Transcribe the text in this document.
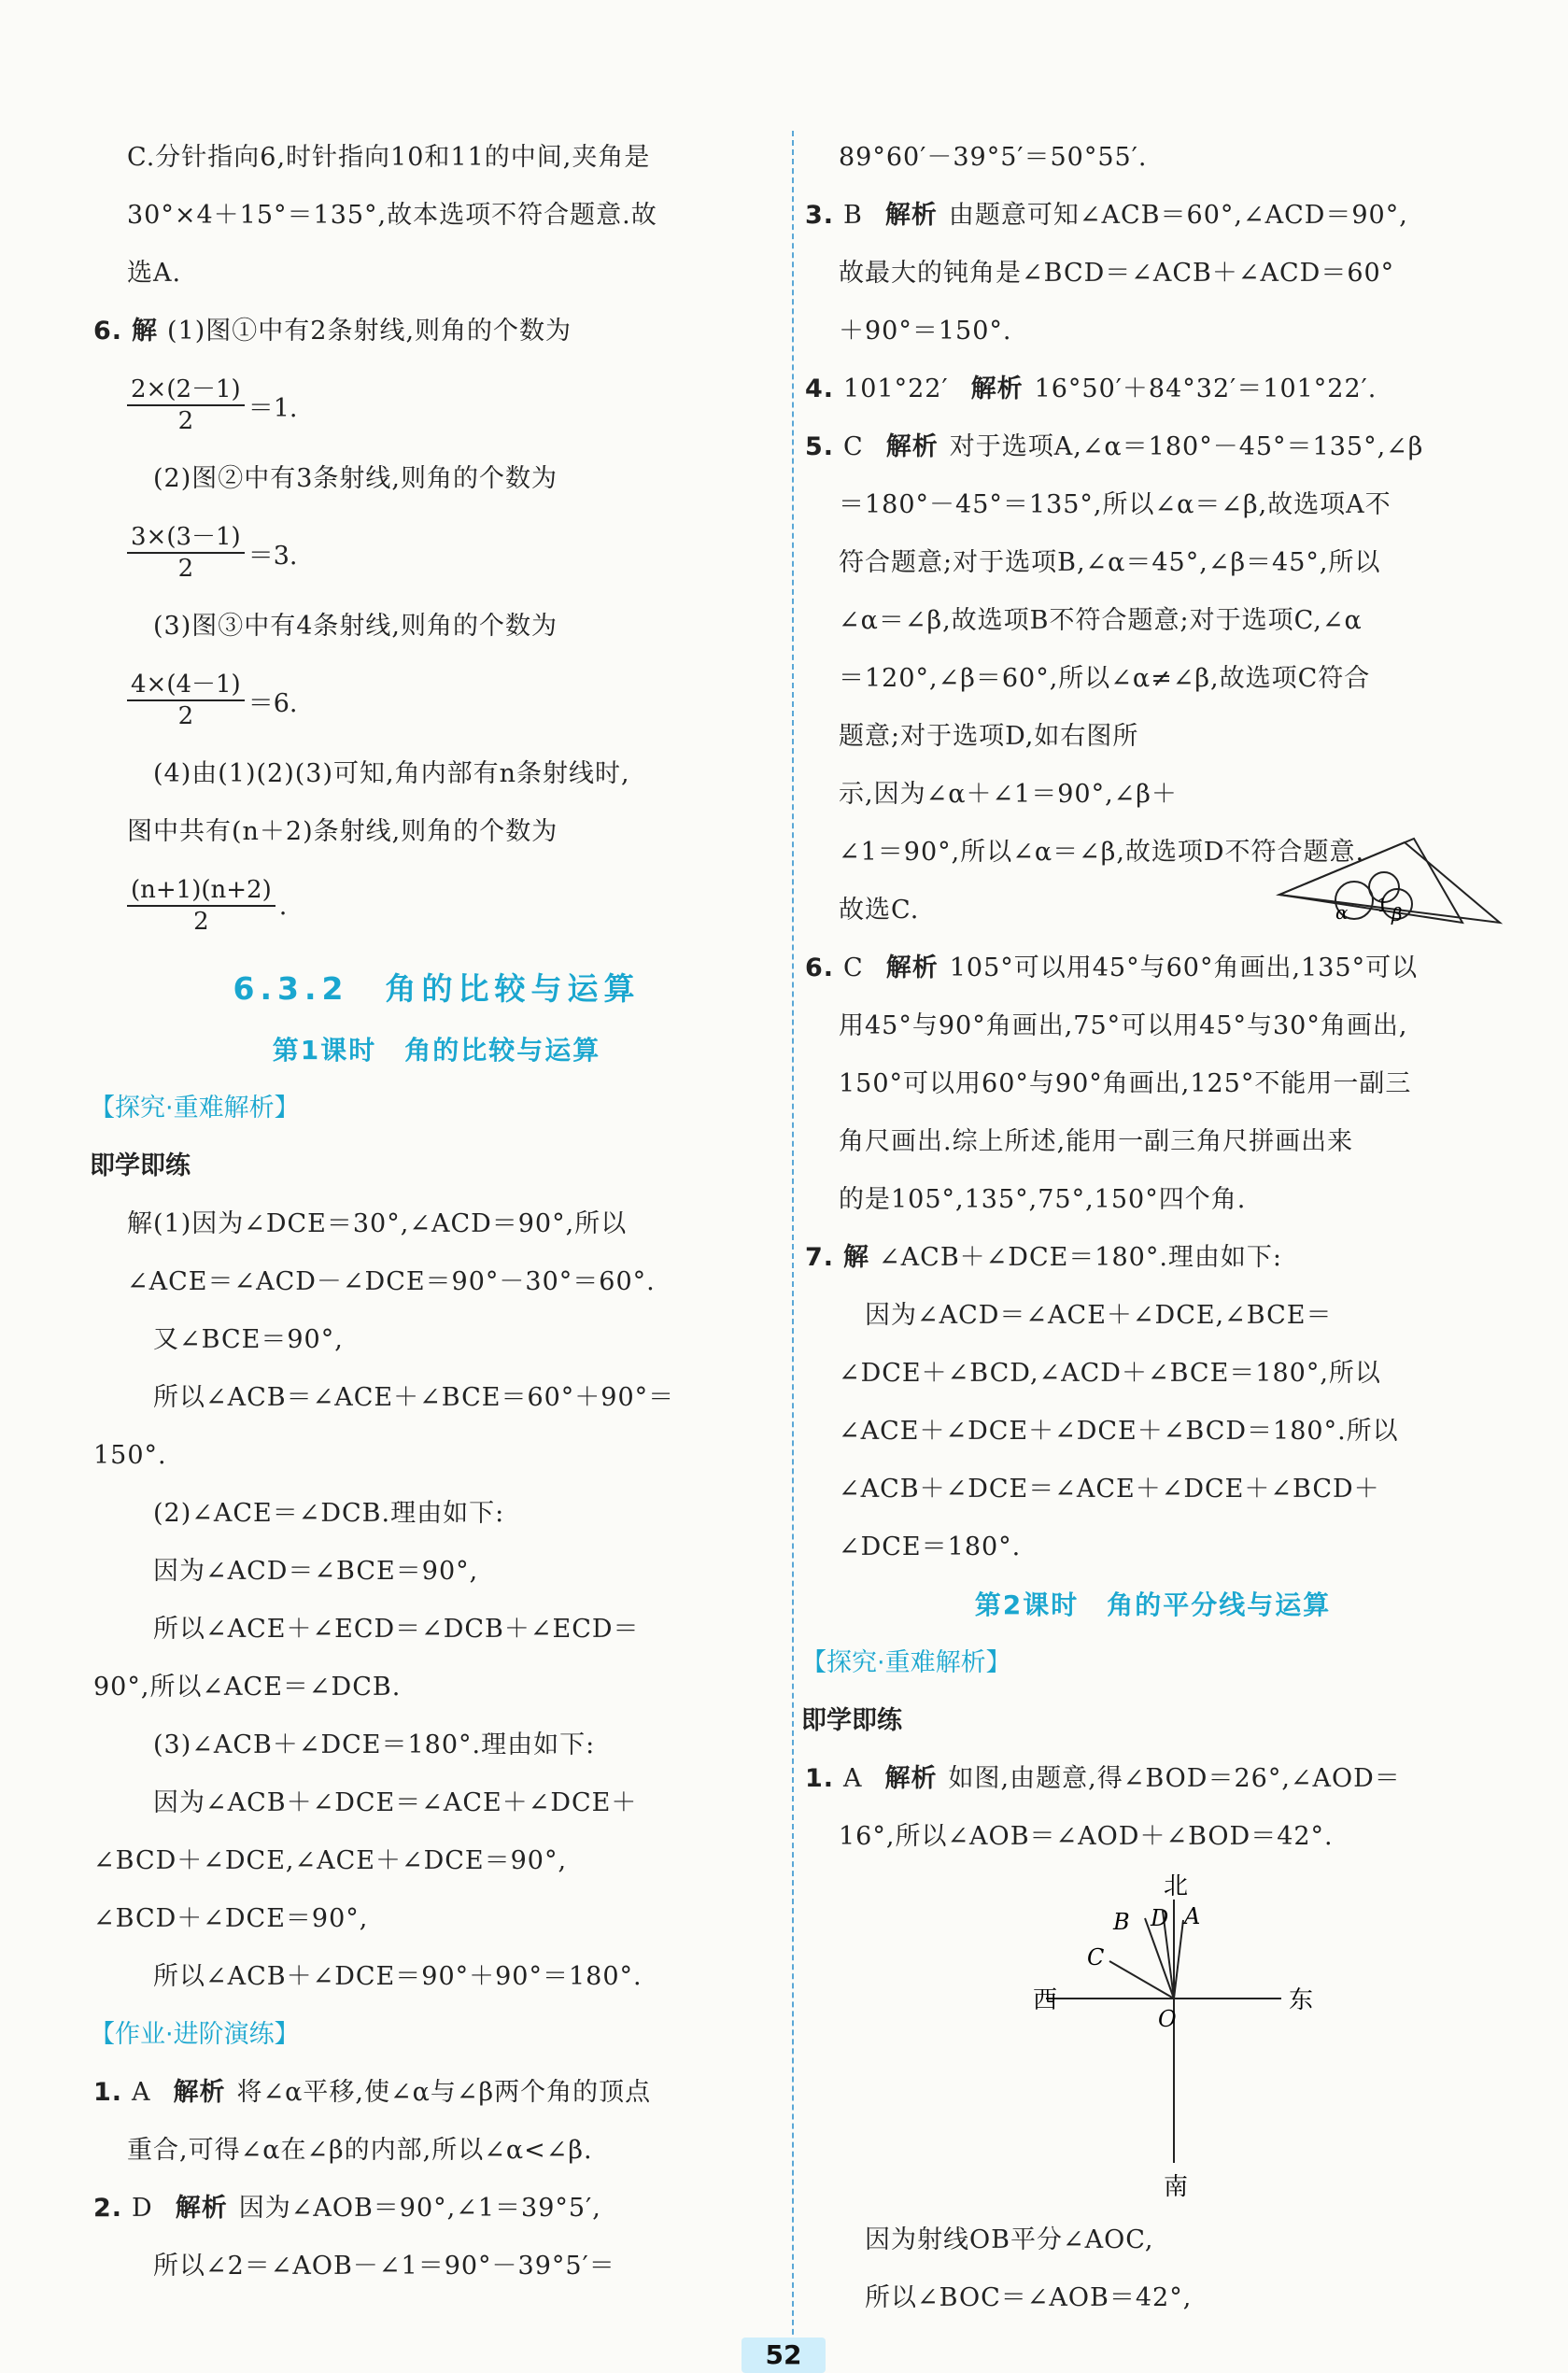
C.分针指向6,时针指向10和11的中间,夹角是
30°×4＋15°＝135°,故本选项不符合题意.故
选A.
6. 解 (1)图①中有2条射线,则角的个数为
$\frac{2\times(2-1)}{2} =1$.
(2)图②中有3条射线,则角的个数为
$\frac{3\times(3-1)}{2} =3$.
(3)图③中有4条射线,则角的个数为
$\frac{4\times(4-1)}{2} =6$.
(4)由(1)(2)(3)可知,角内部有n条射线时,
图中共有(n＋2)条射线,则角的个数为
$\frac{(n+1)(n+2)}{2}$ .
6.3.2　角的比较与运算
第1课时　角的比较与运算
【探究·重难解析】
即学即练
解(1)因为∠DCE＝30°,∠ACD＝90°,所以
∠ACE＝∠ACD－∠DCE＝90°－30°＝60°.
又∠BCE＝90°,
所以∠ACB＝∠ACE＋∠BCE＝60°＋90°＝
150°.
(2)∠ACE＝∠DCB.理由如下:
因为∠ACD＝∠BCE＝90°,
所以∠ACE＋∠ECD＝∠DCB＋∠ECD＝
90°,所以∠ACE＝∠DCB.
(3)∠ACB＋∠DCE＝180°.理由如下:
因为∠ACB＋∠DCE＝∠ACE＋∠DCE＋
∠BCD＋∠DCE,∠ACE＋∠DCE＝90°,
∠BCD＋∠DCE＝90°,
所以∠ACB＋∠DCE＝90°＋90°＝180°.
【作业·进阶演练】
1. A 解析 将∠α平移,使∠α与∠β两个角的顶点
重合,可得∠α在∠β的内部,所以∠α<∠β.
2. D 解析 因为∠AOB＝90°,∠1＝39°5′,
所以∠2＝∠AOB－∠1＝90°－39°5′＝
89°60′－39°5′＝50°55′.
3. B 解析 由题意可知∠ACB＝60°,∠ACD＝90°,
故最大的钝角是∠BCD＝∠ACB＋∠ACD＝60°
＋90°＝150°.
4. 101°22′ 解析 16°50′＋84°32′＝101°22′.
5. C 解析 对于选项A,∠α＝180°－45°＝135°,∠β
＝180°－45°＝135°,所以∠α＝∠β,故选项A不
符合题意;对于选项B,∠α＝45°,∠β＝45°,所以
∠α＝∠β,故选项B不符合题意;对于选项C,∠α
＝120°,∠β＝60°,所以∠α≠∠β,故选项C符合
题意;对于选项D,如右图所
示,因为∠α＋∠1＝90°,∠β＋
∠1＝90°,所以∠α＝∠β,故选项D不符合题意.
故选C.	α 1 β
6. C 解析 105°可以用45°与60°角画出,135°可以
用45°与90°角画出,75°可以用45°与30°角画出,
150°可以用60°与90°角画出,125°不能用一副三
角尺画出.综上所述,能用一副三角尺拼画出来
的是105°,135°,75°,150°四个角.
7. 解 ∠ACB＋∠DCE＝180°.理由如下:
因为∠ACD＝∠ACE＋∠DCE,∠BCE＝
∠DCE＋∠BCD,∠ACD＋∠BCE＝180°,所以
∠ACE＋∠DCE＋∠DCE＋∠BCD＝180°.所以
∠ACB＋∠DCE＝∠ACE＋∠DCE＋∠BCD＋
∠DCE＝180°.
第2课时　角的平分线与运算
【探究·重难解析】
即学即练
1. A 解析 如图,由题意,得∠BOD＝26°,∠AOD＝
16°,所以∠AOB＝∠AOD＋∠BOD＝42°.
北
南
东
西
A
B
C
D
O
因为射线OB平分∠AOC,
所以∠BOC＝∠AOB＝42°,
52
